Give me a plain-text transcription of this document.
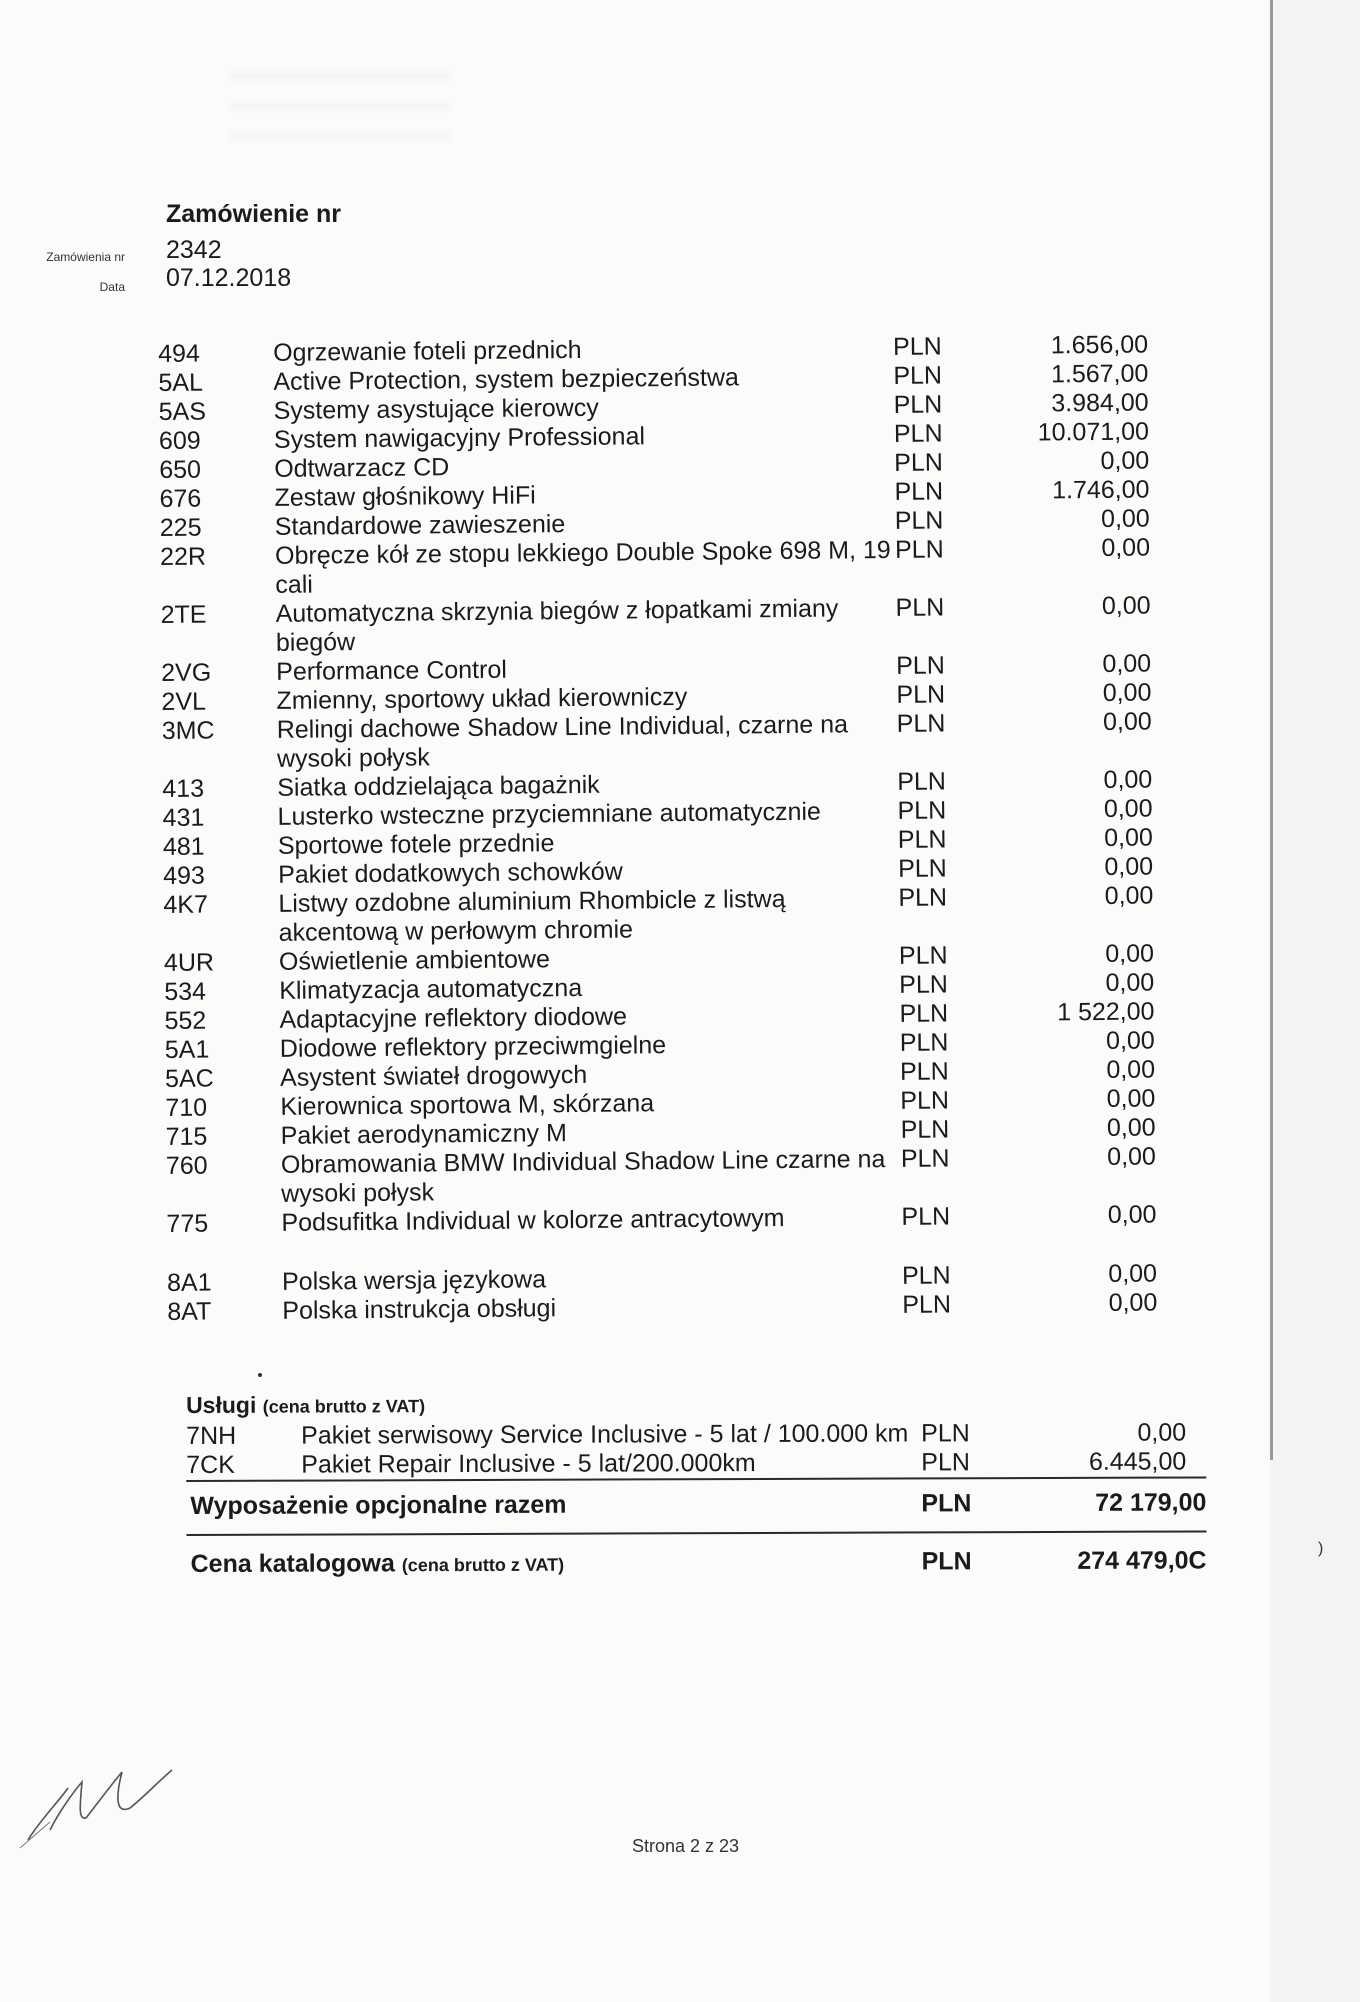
Zamówienie nr
Zamówienia nr 2342
Data 07.12.2018
494	Ogrzewanie foteli przednich	PLN	1.656,00
5AL	Active Protection, system bezpieczeństwa	PLN	1.567,00
5AS	Systemy asystujące kierowcy	PLN	3.984,00
609	System nawigacyjny Professional	PLN	10.071,00
650	Odtwarzacz CD	PLN	0,00
676	Zestaw głośnikowy HiFi	PLN	1.746,00
225	Standardowe zawieszenie	PLN	0,00
22R	Obręcze kół ze stopu lekkiego Double Spoke 698 M, 19 cali
PLN	0,00
2TE	Automatyczna skrzynia biegów z łopatkami zmiany biegów
PLN	0,00
2VG	Performance Control	PLN	0,00
2VL	Zmienny, sportowy układ kierowniczy	PLN	0,00
3MC	Relingi dachowe Shadow Line Individual, czarne na wysoki połysk
PLN	0,00
413	Siatka oddzielająca bagażnik	PLN	0,00
431	Lusterko wsteczne przyciemniane automatycznie	PLN	0,00
481	Sportowe fotele przednie	PLN	0,00
493	Pakiet dodatkowych schowków	PLN	0,00
4K7	Listwy ozdobne aluminium Rhombicle z listwą akcentową w perłowym chromie
PLN	0,00
4UR	Oświetlenie ambientowe	PLN	0,00
534	Klimatyzacja automatyczna	PLN	0,00
552	Adaptacyjne reflektory diodowe	PLN	1 522,00
5A1	Diodowe reflektory przeciwmgielne	PLN	0,00
5AC	Asystent świateł drogowych	PLN	0,00
710	Kierownica sportowa M, skórzana	PLN	0,00
715	Pakiet aerodynamiczny M	PLN	0,00
760	Obramowania BMW Individual Shadow Line czarne na wysoki połysk
PLN	0,00
775	Podsufitka Individual w kolorze antracytowym	PLN	0,00
8A1	Polska wersja językowa	PLN	0,00
8AT	Polska instrukcja obsługi	PLN	0,00
Usługi (cena brutto z VAT)
7NH	Pakiet serwisowy Service Inclusive - 5 lat / 100.000 km PLN	0,00
7CK	Pakiet Repair Inclusive - 5 lat/200.000km	PLN	6.445,00
Wyposażenie opcjonalne razem	PLN	72 179,00
Cena katalogowa (cena brutto z VAT)	PLN	274 479,0C
Strona 2 z 23
)
